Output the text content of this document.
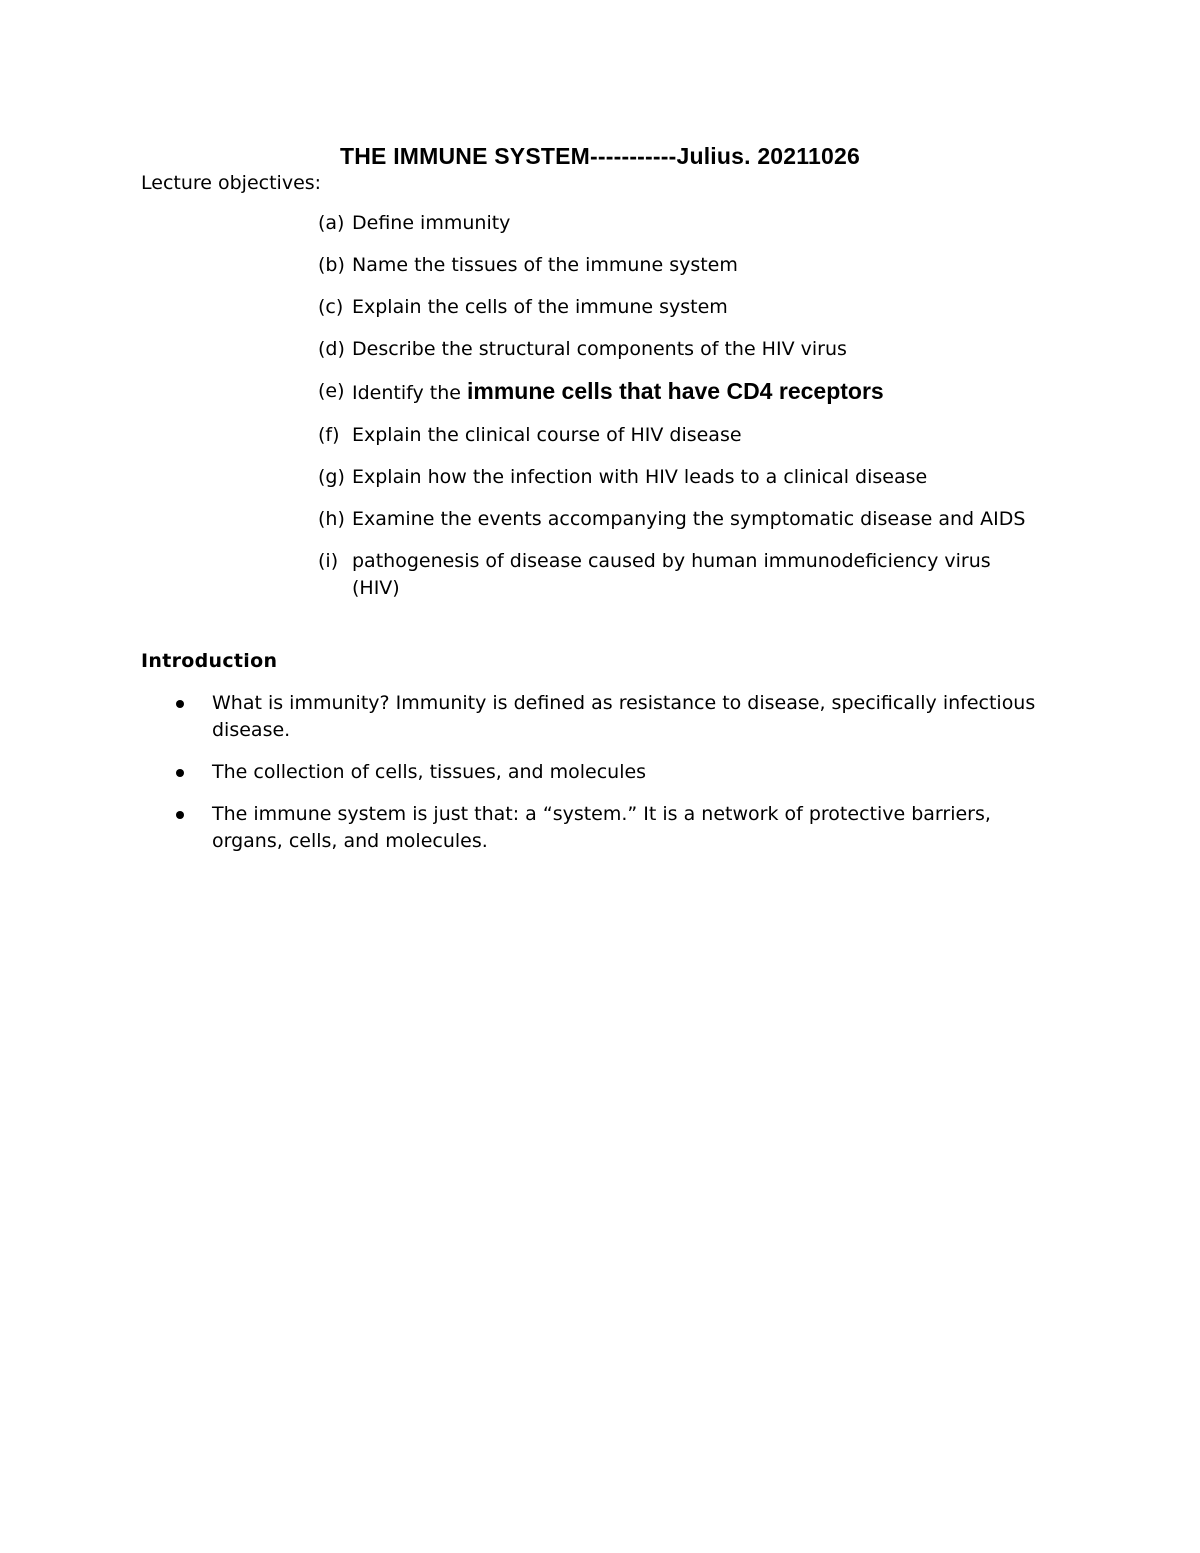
THE IMMUNE SYSTEM-----------Julius. 20211026
Lecture objectives:
(a) Define immunity
(b) Name the tissues of the immune system
(c) Explain the cells of the immune system
(d) Describe the structural components of the HIV virus
(e) Identify the immune cells that have CD4 receptors
(f) Explain the clinical course of HIV disease
(g) Explain how the infection with HIV leads to a clinical disease
(h) Examine the events accompanying the symptomatic disease and AIDS
(i) pathogenesis of disease caused by human immunodeficiency virus (HIV)
Introduction
What is immunity? Immunity is defined as resistance to disease, specifically infectious disease.
The collection of cells, tissues, and molecules
The immune system is just that: a “system.” It is a network of protective barriers, organs, cells, and molecules.
